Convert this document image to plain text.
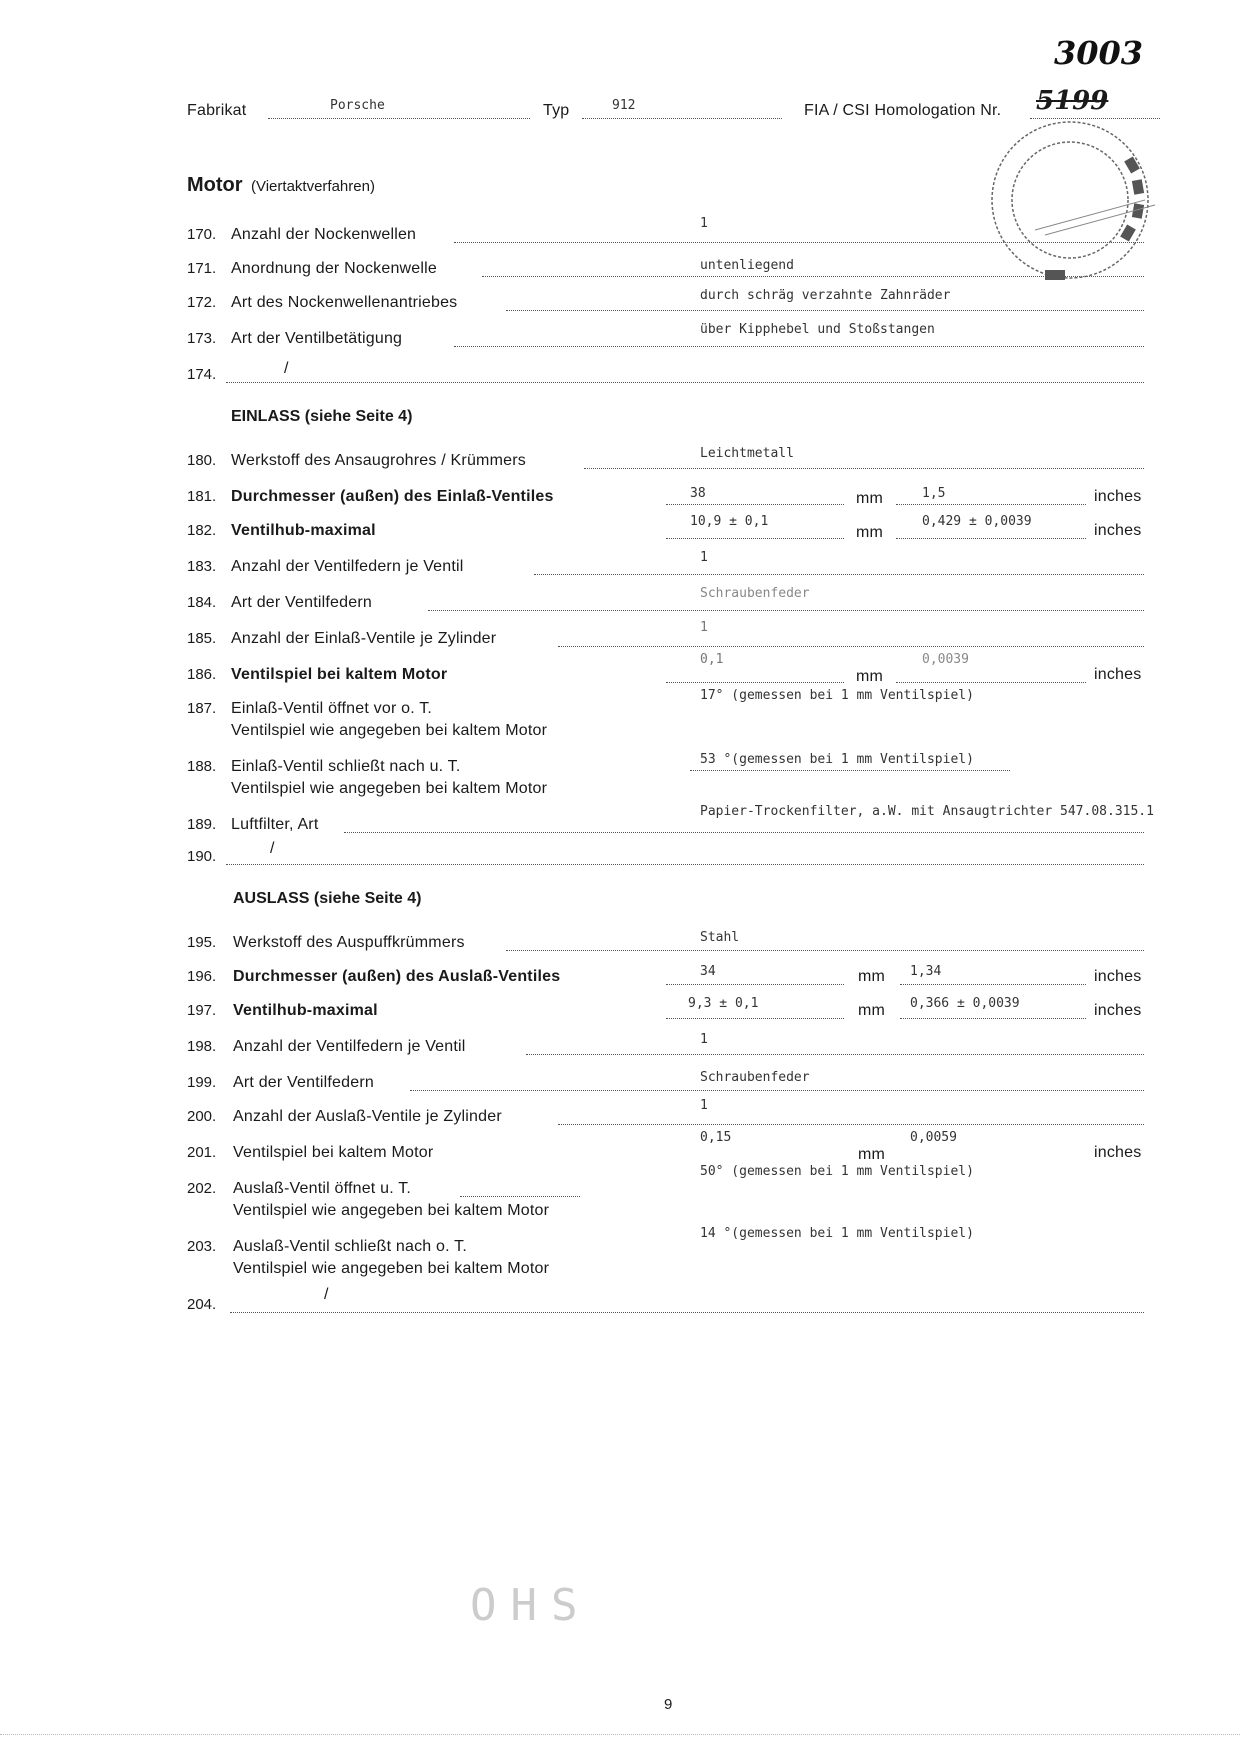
3003
Fabrikat	Porsche	Typ	912	FIA / CSI Homologation Nr. 5199
Motor (Viertaktverfahren)
170. Anzahl der Nockenwellen
1
171. Anordnung der Nockenwelle	untenliegend
172. Art des Nockenwellenantriebes	durch schräg verzahnte Zahnräder
173. Art der Ventilbetätigung
über Kipphebel und Stoßstangen
174.	/
EINLASS (siehe Seite 4)
180. Werkstoff des Ansaugrohres / Krümmers	Leichtmetall
181. Durchmesser (außen) des Einlaß-Ventiles	38	mm	1,5	inches
182. Ventilhub-maximal
10,9 ± 0,1
mm
0,429 ± 0,0039
inches
183. Anzahl der Ventilfedern je Ventil
1
184. Art der Ventilfedern
Schraubenfeder
185. Anzahl der Einlaß-Ventile je Zylinder
1
186. Ventilspiel bei kaltem Motor
0,1
mm
0,0039
inches
187. Einlaß-Ventil öffnet vor o. T.
Ventilspiel wie angegeben bei kaltem Motor
17° (gemessen bei 1 mm Ventilspiel)
188. Einlaß-Ventil schließt nach u. T.
Ventilspiel wie angegeben bei kaltem Motor
53 °(gemessen bei 1 mm Ventilspiel)
189. Luftfilter, Art
Papier-Trockenfilter, a.W. mit Ansaugtrichter 547.08.315.1
190.	/
AUSLASS (siehe Seite 4)
195. Werkstoff des Auspuffkrümmers	Stahl
196. Durchmesser (außen) des Auslaß-Ventiles	34	mm 1,34	inches
197. Ventilhub-maximal	9,3 ± 0,1	mm 0,366 ± 0,0039	inches
198. Anzahl der Ventilfedern je Ventil	1
199. Art der Ventilfedern	Schraubenfeder
200. Anzahl der Auslaß-Ventile je Zylinder
1
201. Ventilspiel bei kaltem Motor
0,15
mm
0,0059
inches
202. Auslaß-Ventil öffnet u. T.
Ventilspiel wie angegeben bei kaltem Motor
50° (gemessen bei 1 mm Ventilspiel)
203. Auslaß-Ventil schließt nach o. T.
Ventilspiel wie angegeben bei kaltem Motor
14 °(gemessen bei 1 mm Ventilspiel)
204.
/
OHS
9
